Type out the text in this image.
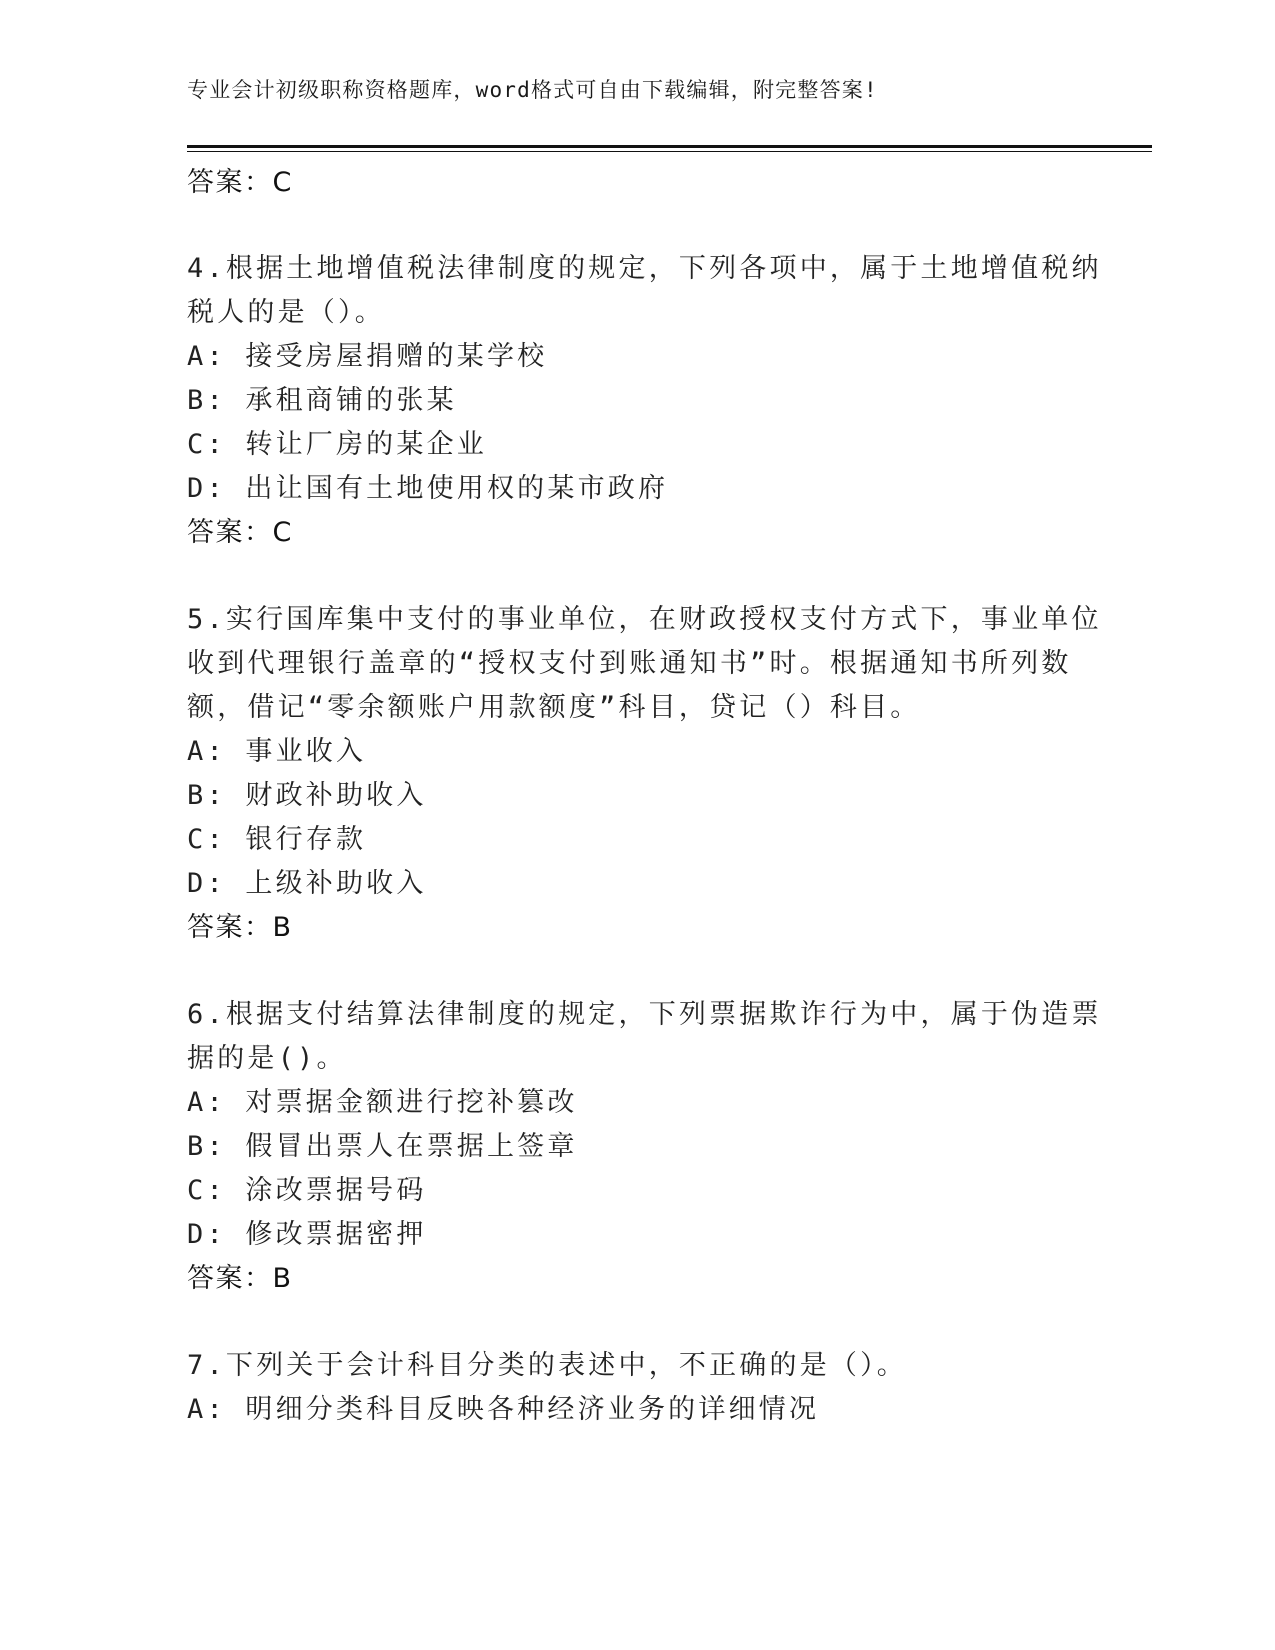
专业会计初级职称资格题库，word格式可自由下载编辑，附完整答案!
答案：C
4.根据土地增值税法律制度的规定，下列各项中，属于土地增值税纳
税人的是（）。
A: 接受房屋捐赠的某学校
B: 承租商铺的张某
C: 转让厂房的某企业
D: 出让国有土地使用权的某市政府
答案：C
5.实行国库集中支付的事业单位，在财政授权支付方式下，事业单位
收到代理银行盖章的“授权支付到账通知书”时。根据通知书所列数
额，借记“零余额账户用款额度”科目，贷记（）科目。
A: 事业收入
B: 财政补助收入
C: 银行存款
D: 上级补助收入
答案：B
6.根据支付结算法律制度的规定，下列票据欺诈行为中，属于伪造票
据的是()。
A: 对票据金额进行挖补篡改
B: 假冒出票人在票据上签章
C: 涂改票据号码
D: 修改票据密押
答案：B
7.下列关于会计科目分类的表述中，不正确的是（）。
A: 明细分类科目反映各种经济业务的详细情况
